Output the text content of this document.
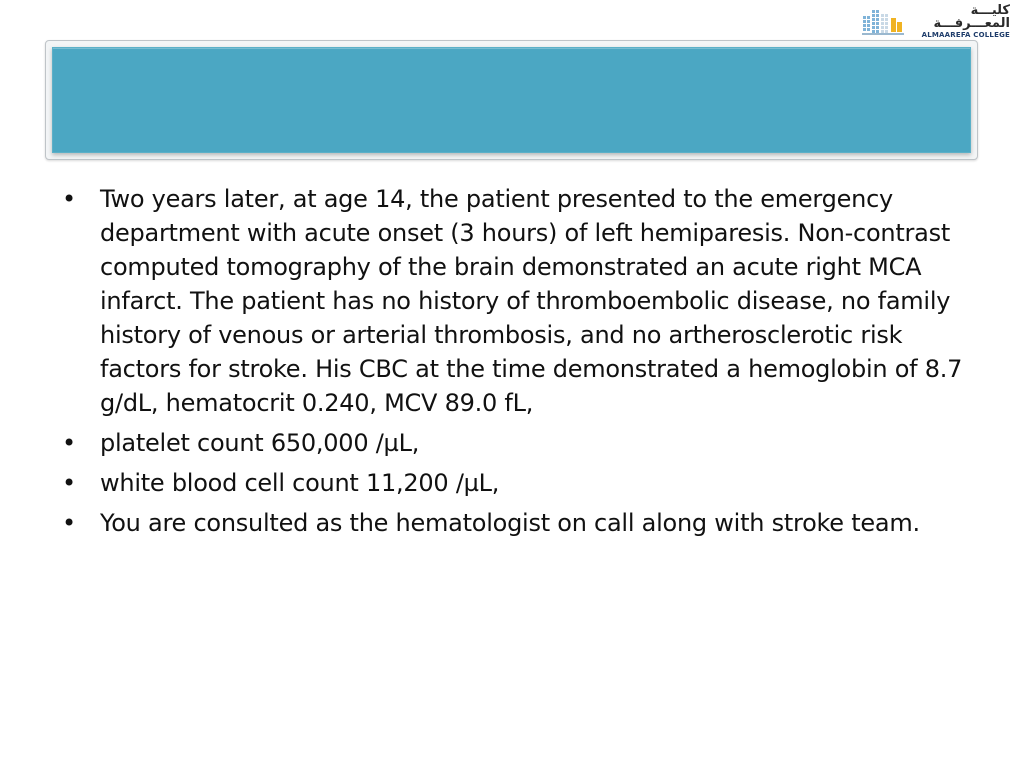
كليـــة المعـــرفـــة
ALMAAREFA COLLEGE
• Two years later, at age 14, the patient presented to the emergency department with acute onset (3 hours) of left hemiparesis. Non-contrast computed tomography of the brain demonstrated an acute right MCA infarct. The patient has no history of thromboembolic disease, no family history of venous or arterial thrombosis, and no artherosclerotic risk factors for stroke. His CBC at the time demonstrated a hemoglobin of 8.7 g/dL, hematocrit 0.240, MCV 89.0 fL,
• platelet count 650,000 /µL,
• white blood cell count 11,200 /µL,
• You are consulted as the hematologist on call along with stroke team.
